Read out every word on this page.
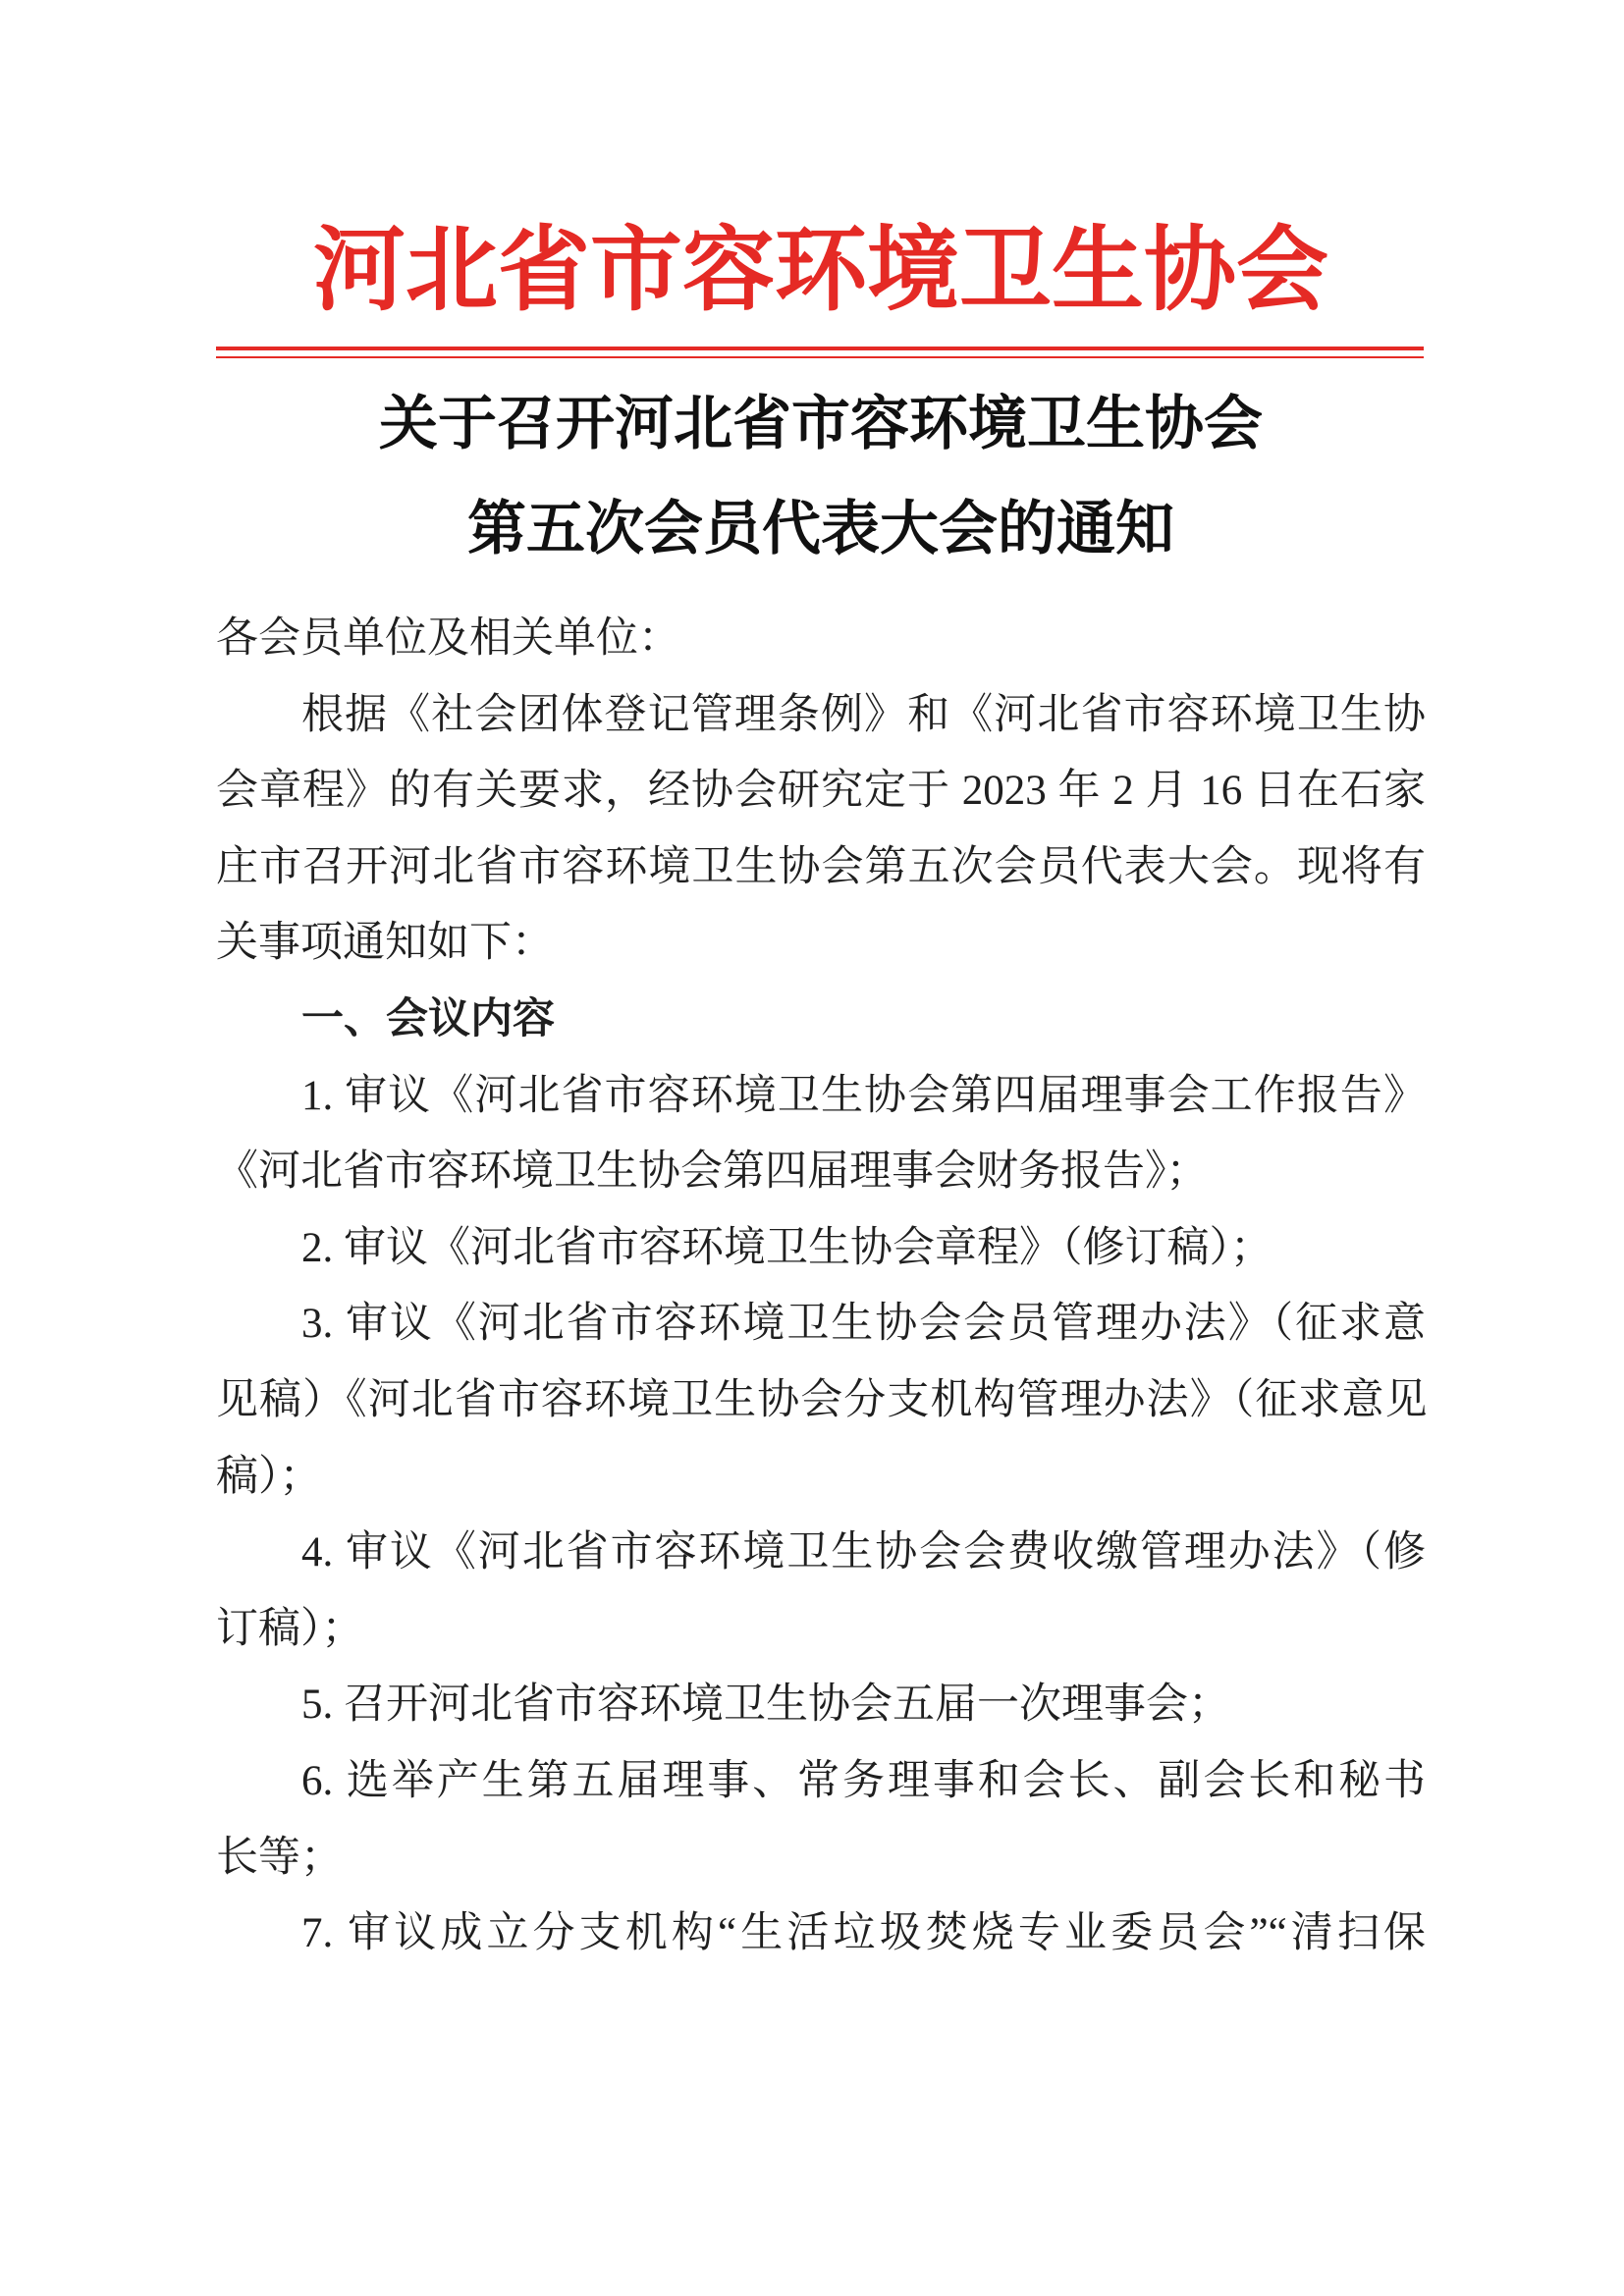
河北省市容环境卫生协会
关于召开河北省市容环境卫生协会
第五次会员代表大会的通知
各会员单位及相关单位：
根据《社会团体登记管理条例》和《河北省市容环境卫生协
会章程》的有关要求，经协会研究定于 2023 年 2 月 16 日在石家
庄市召开河北省市容环境卫生协会第五次会员代表大会。现将有
关事项通知如下：
一、会议内容
1. 审议《河北省市容环境卫生协会第四届理事会工作报告》
《河北省市容环境卫生协会第四届理事会财务报告》；
2. 审议《河北省市容环境卫生协会章程》（修订稿）；
3. 审议《河北省市容环境卫生协会会员管理办法》（征求意
见稿）《河北省市容环境卫生协会分支机构管理办法》（征求意见
稿）；
4. 审议《河北省市容环境卫生协会会费收缴管理办法》（修
订稿）；
5. 召开河北省市容环境卫生协会五届一次理事会；
6. 选举产生第五届理事、常务理事和会长、副会长和秘书
长等；
7. 审议成立分支机构“生活垃圾焚烧专业委员会”“清扫保
